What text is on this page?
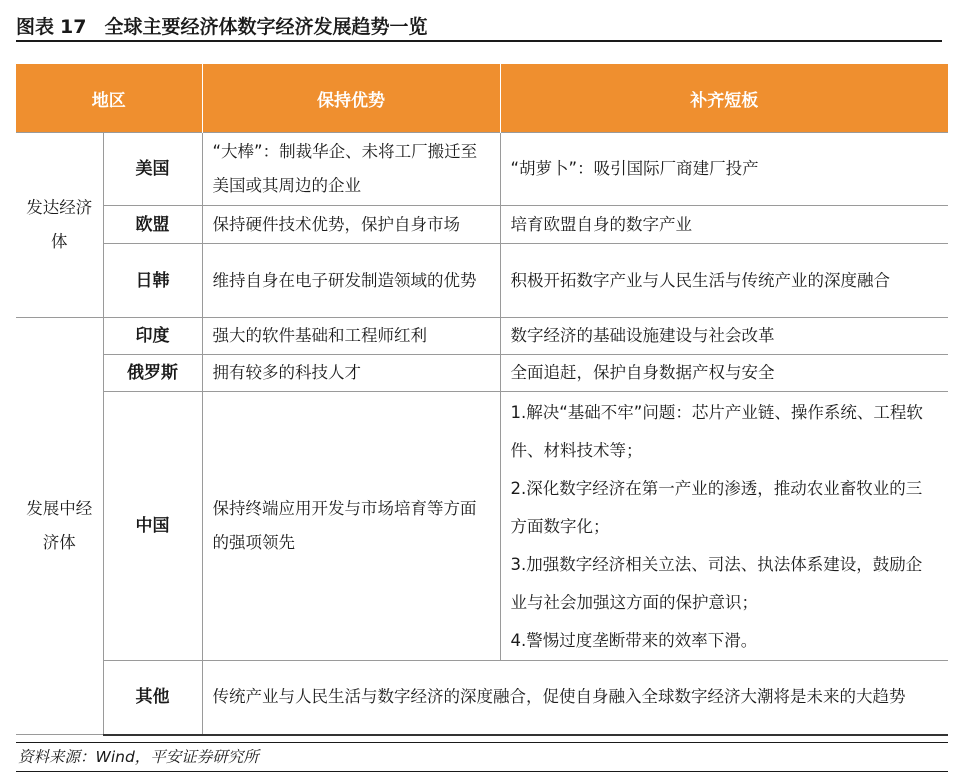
图表 17 全球主要经济体数字经济发展趋势一览
地区		保持优势	补齐短板
发达经济体	美国	“大棒”：制裁华企、未将工厂搬迁至美国或其周边的企业	“胡萝卜”：吸引国际厂商建厂投产
	欧盟	保持硬件技术优势，保护自身市场	培育欧盟自身的数字产业
	日韩	维持自身在电子研发制造领域的优势	积极开拓数字产业与人民生活与传统产业的深度融合
发展中经济体	印度	强大的软件基础和工程师红利	数字经济的基础设施建设与社会改革
	俄罗斯	拥有较多的科技人才	全面追赶，保护自身数据产权与安全
	中国	保持终端应用开发与市场培育等方面的强项领先	1.解决“基础不牢”问题：芯片产业链、操作系统、工程软件、材料技术等；
2.深化数字经济在第一产业的渗透，推动农业畜牧业的三方面数字化；
3.加强数字经济相关立法、司法、执法体系建设，鼓励企业与社会加强这方面的保护意识；
4.警惕过度垄断带来的效率下滑。

	其他	传统产业与人民生活与数字经济的深度融合，促使自身融入全球数字经济大潮将是未来的大趋势	
资料来源：Wind，平安证券研究所
